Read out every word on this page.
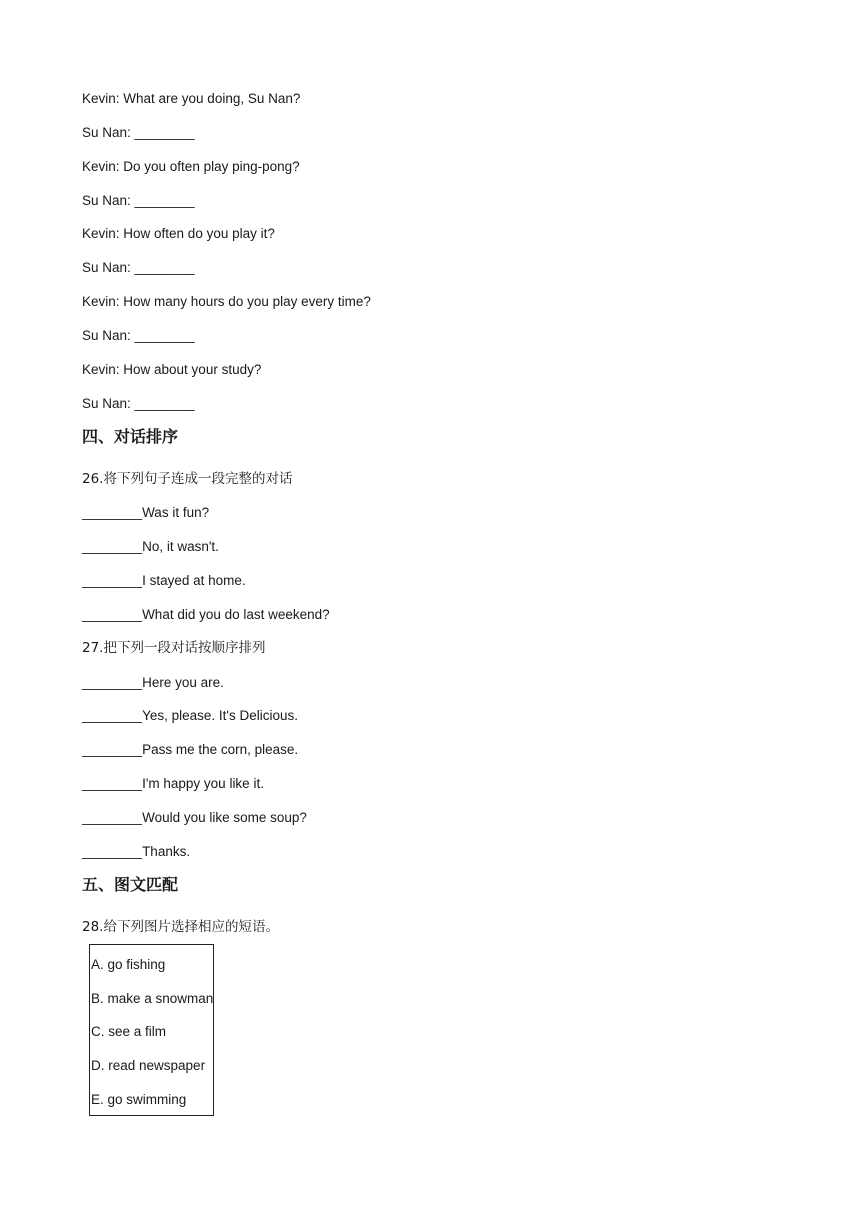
Kevin: What are you doing, Su Nan?
Su Nan: ________
Kevin: Do you often play ping-pong?
Su Nan: ________
Kevin: How often do you play it?
Su Nan: ________
Kevin: How many hours do you play every time?
Su Nan: ________
Kevin: How about your study?
Su Nan: ________
四、对话排序
26.将下列句子连成一段完整的对话
________Was it fun?
________No, it wasn't.
________I stayed at home.
________What did you do last weekend?
27.把下列一段对话按顺序排列
________Here you are.
________Yes, please. It's Delicious.
________Pass me the corn, please.
________I'm happy you like it.
________Would you like some soup?
________Thanks.
五、图文匹配
28.给下列图片选择相应的短语。
A. go fishing
B. make a snowman
C. see a film
D. read newspaper
E. go swimming
